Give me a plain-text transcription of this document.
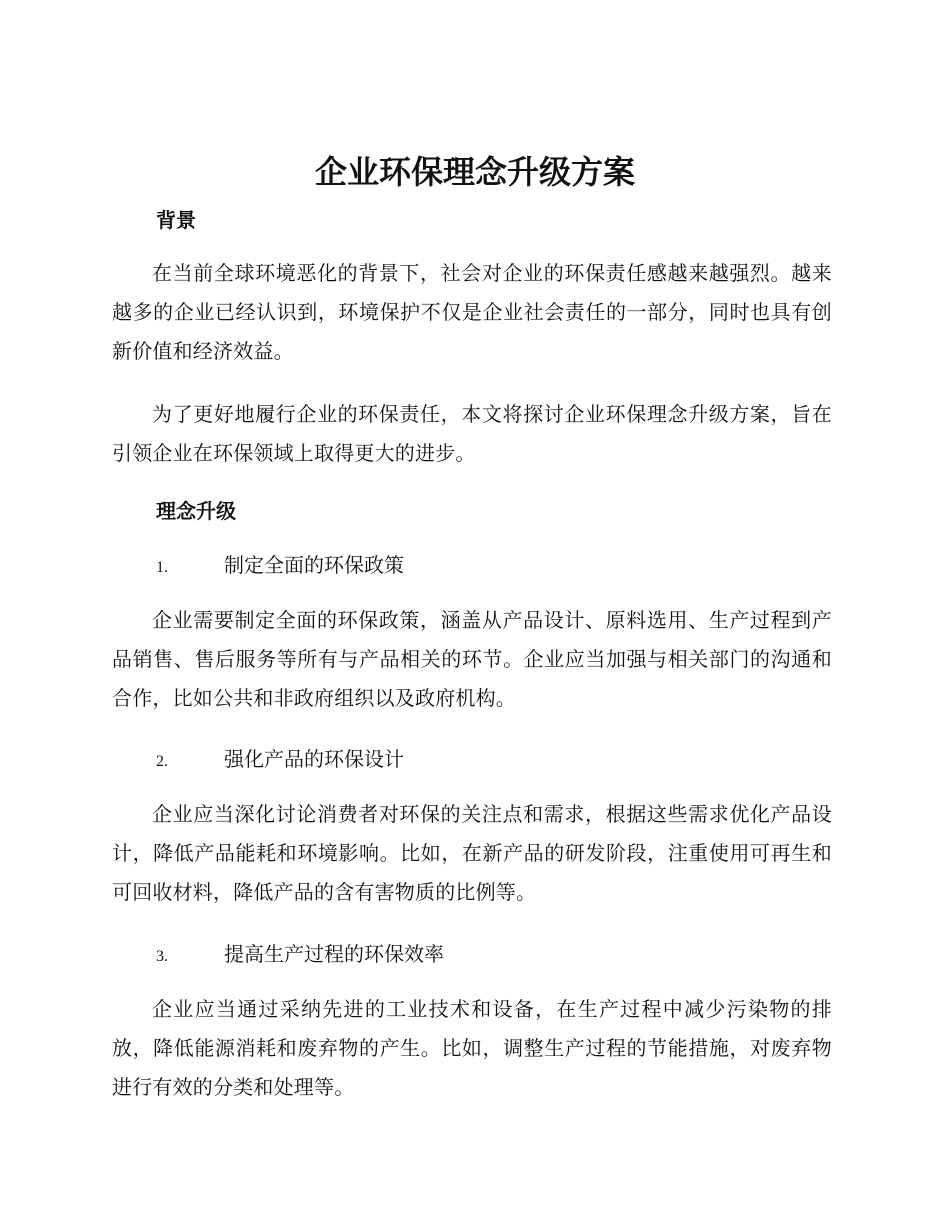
企业环保理念升级方案
背景

在当前全球环境恶化的背景下，社会对企业的环保责任感越来越强烈。越来越多的企业已经认识到，环境保护不仅是企业社会责任的一部分，同时也具有创新价值和经济效益。

为了更好地履行企业的环保责任，本文将探讨企业环保理念升级方案，旨在引领企业在环保领域上取得更大的进步。

理念升级
1.	制定全面的环保政策

企业需要制定全面的环保政策，涵盖从产品设计、原料选用、生产过程到产品销售、售后服务等所有与产品相关的环节。企业应当加强与相关部门的沟通和合作，比如公共和非政府组织以及政府机构。

2.	强化产品的环保设计

企业应当深化讨论消费者对环保的关注点和需求，根据这些需求优化产品设计，降低产品能耗和环境影响。比如，在新产品的研发阶段，注重使用可再生和可回收材料，降低产品的含有害物质的比例等。

3.	提高生产过程的环保效率

企业应当通过采纳先进的工业技术和设备，在生产过程中减少污染物的排放，降低能源消耗和废弃物的产生。比如，调整生产过程的节能措施，对废弃物进行有效的分类和处理等。
